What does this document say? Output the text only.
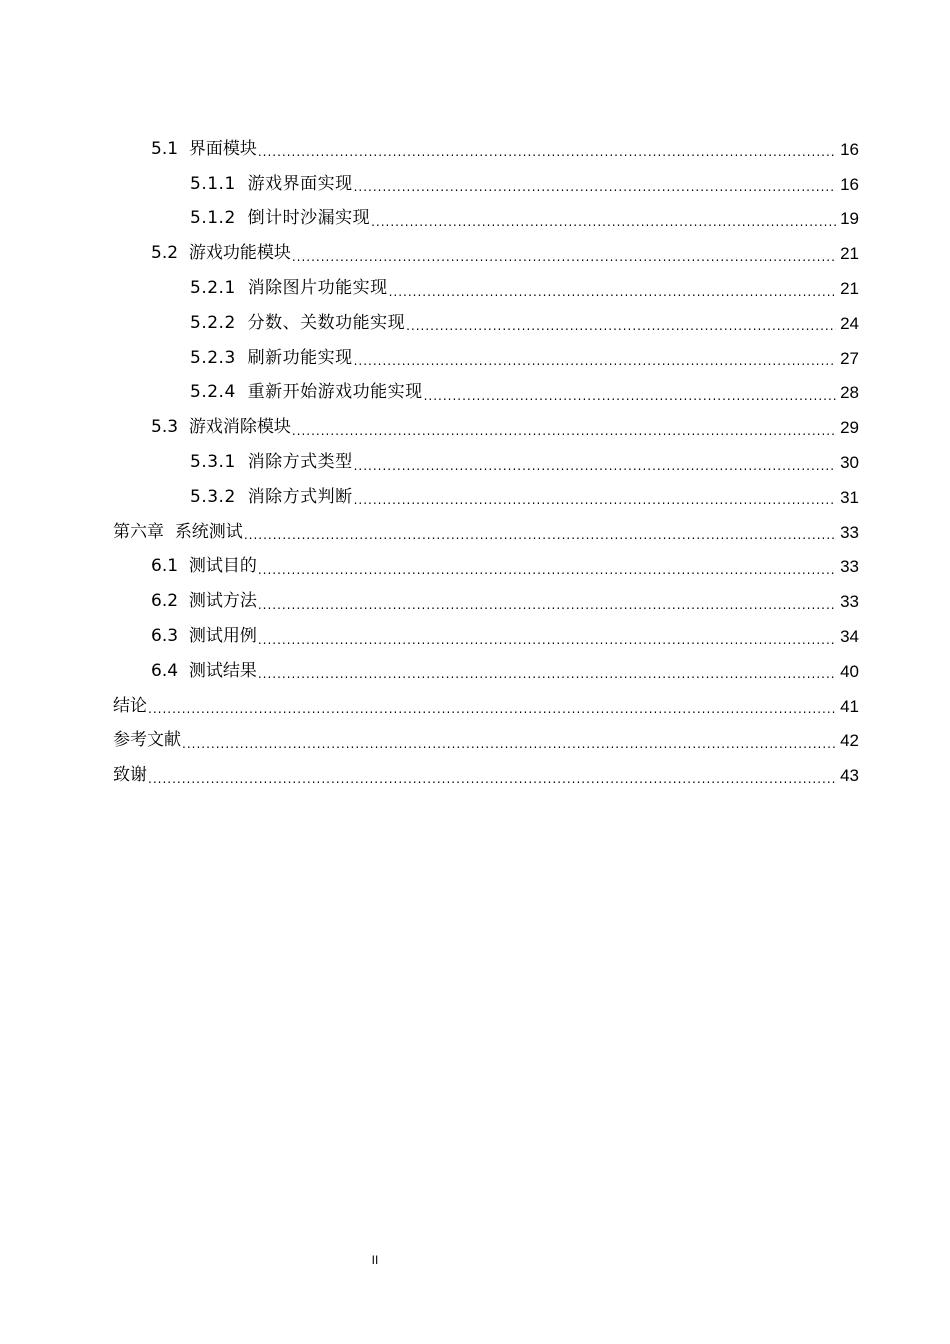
5.1 界面模块 .....	16
5.1.1 游戏界面实现 .....	16
5.1.2 倒计时沙漏实现 .....	19
5.2 游戏功能模块 .....	21
5.2.1 消除图片功能实现 .....	21
5.2.2 分数、关数功能实现 .....	24
5.2.3 刷新功能实现 .....	27
5.2.4 重新开始游戏功能实现 .....	28
5.3 游戏消除模块 .....	29
5.3.1 消除方式类型 .....	30
5.3.2 消除方式判断 .....	31
第六章 系统测试 .....	33
6.1 测试目的 .....	33
6.2 测试方法 .....	33
6.3 测试用例 .....	34
6.4 测试结果 .....	40
结论 .....	41
参考文献 .....	42
致谢 .....	43
II
